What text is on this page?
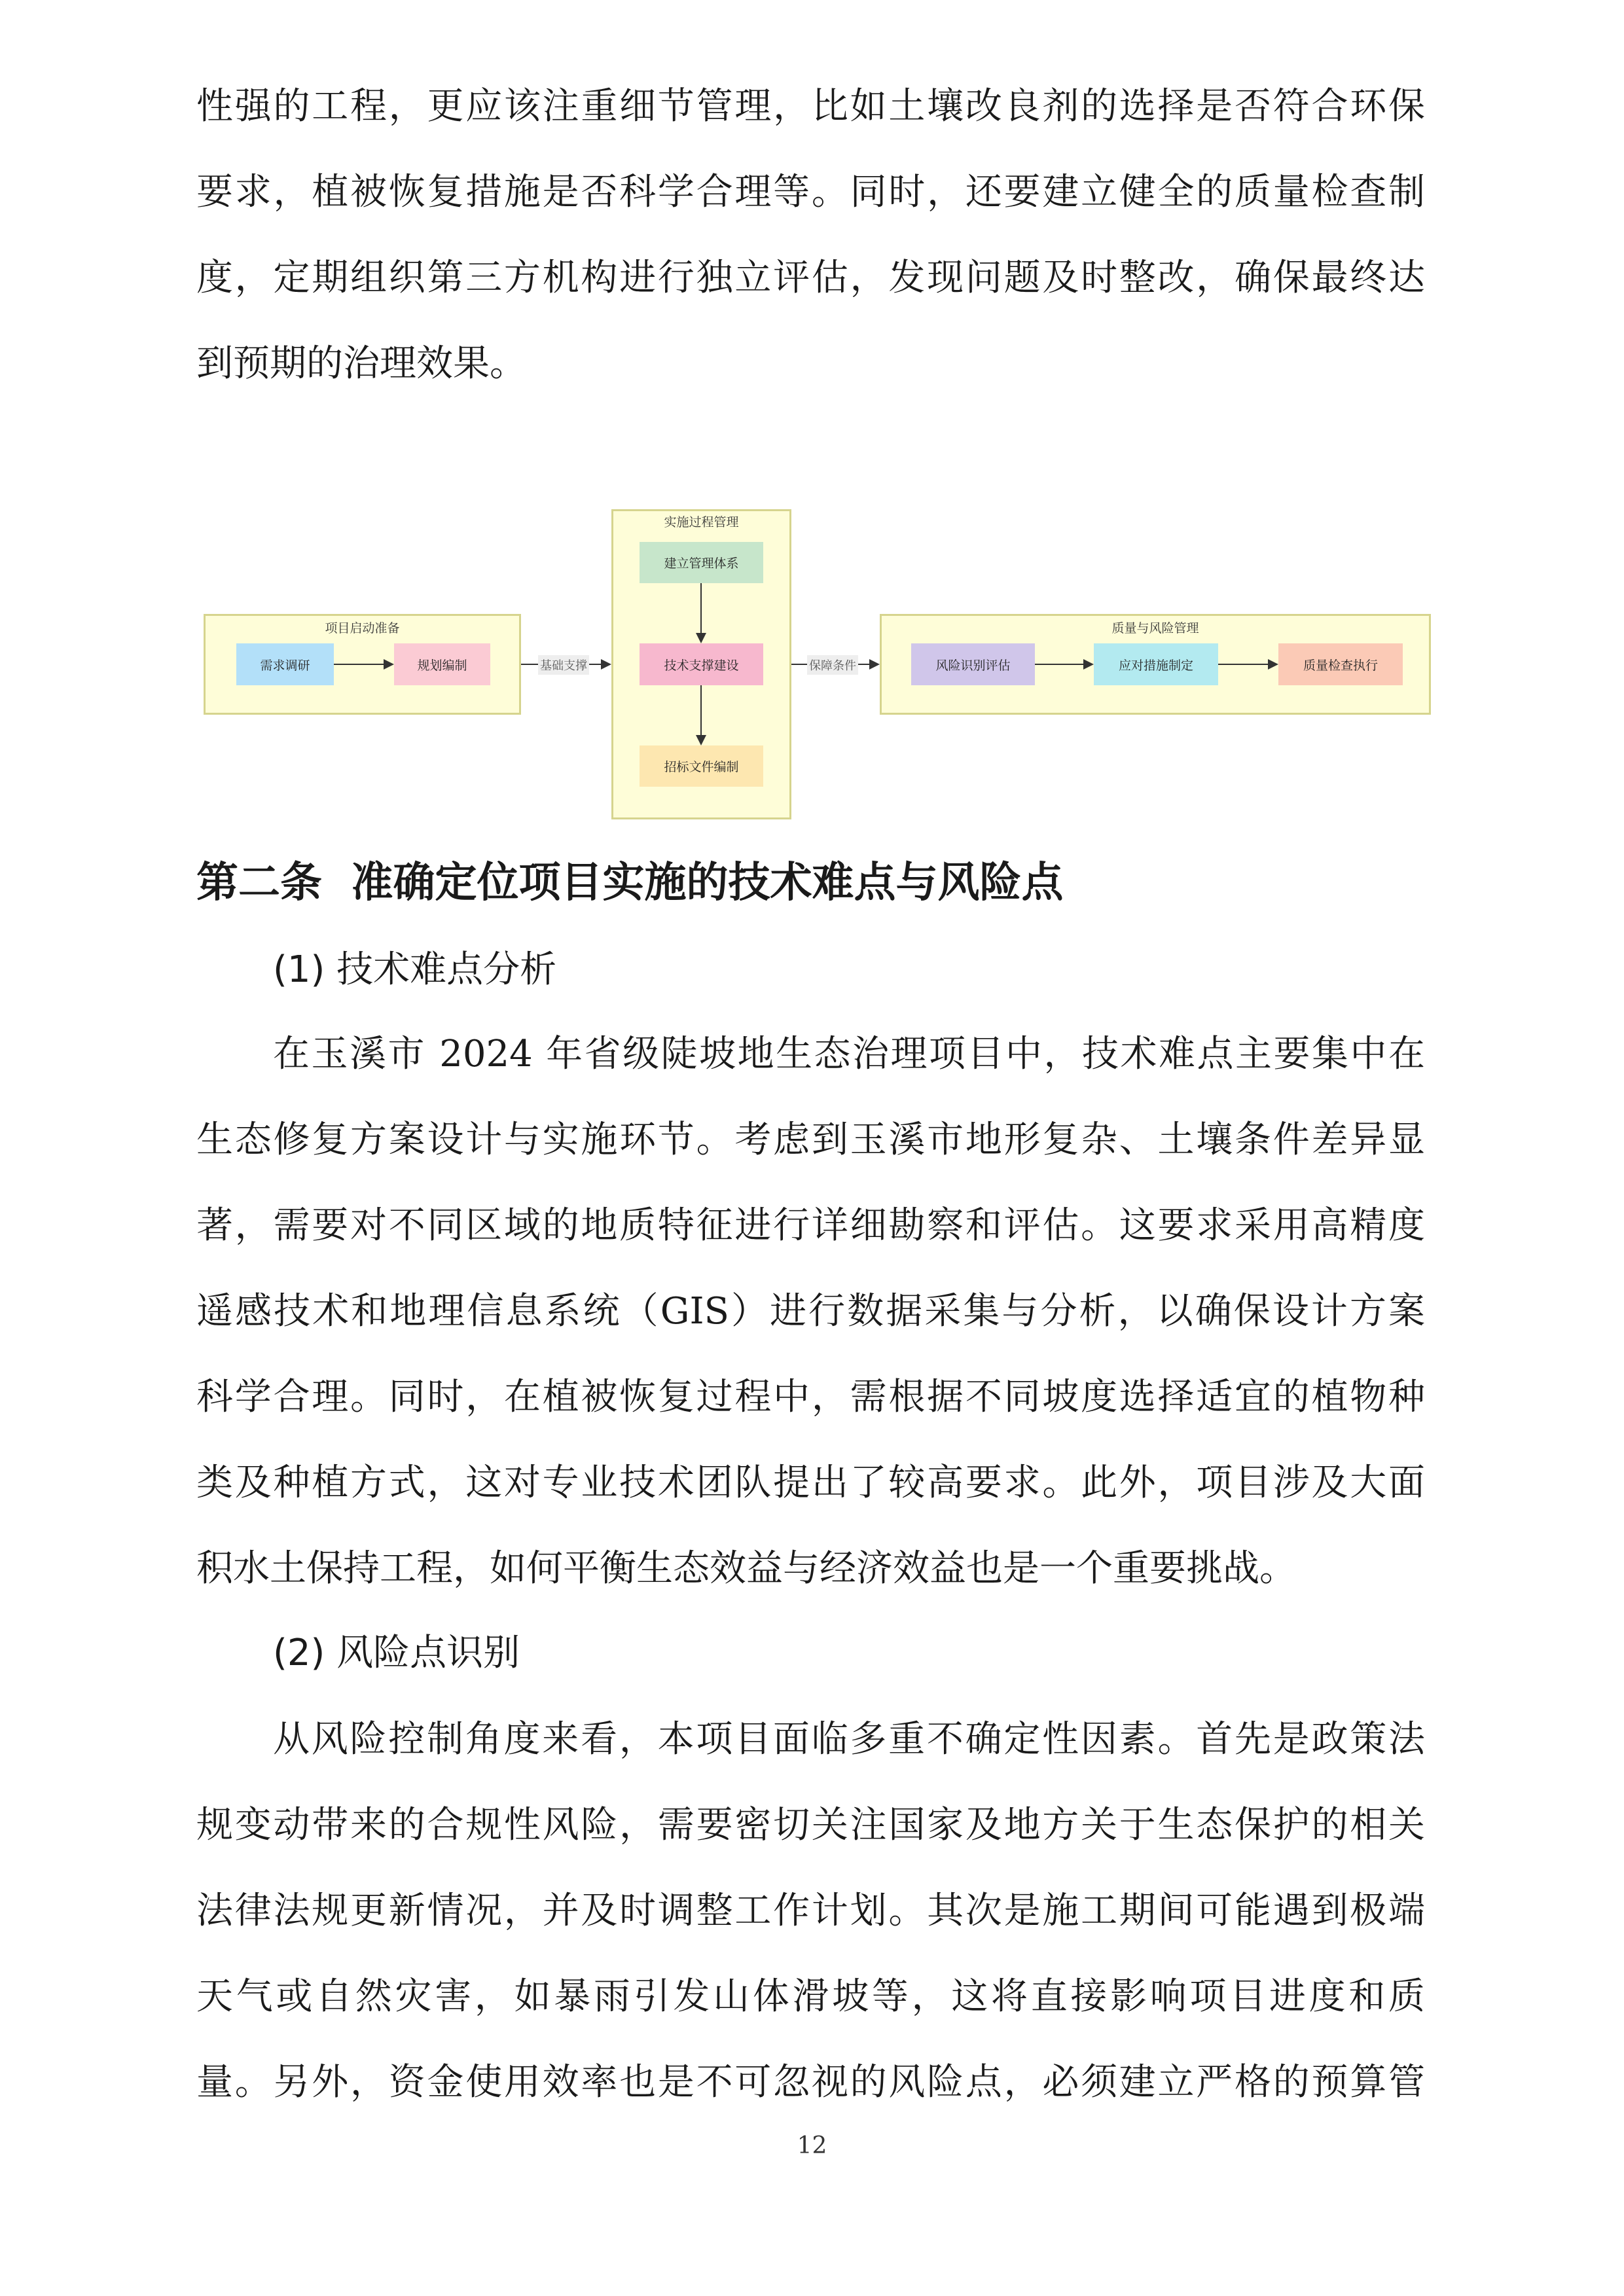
性强的工程，更应该注重细节管理，比如土壤改良剂的选择是否符合环保
要求，植被恢复措施是否科学合理等。同时，还要建立健全的质量检查制
度，定期组织第三方机构进行独立评估，发现问题及时整改，确保最终达
到预期的治理效果。
项目启动准备
实施过程管理
质量与风险管理
需求调研	规划编制
建立管理体系
技术支撑建设
招标文件编制
风险识别评估	应对措施制定	质量检查执行
基础支撑	保障条件
第二条  准确定位项目实施的技术难点与风险点
(1) 技术难点分析
在玉溪市 2024 年省级陡坡地生态治理项目中，技术难点主要集中在
生态修复方案设计与实施环节。考虑到玉溪市地形复杂、土壤条件差异显
著，需要对不同区域的地质特征进行详细勘察和评估。这要求采用高精度
遥感技术和地理信息系统（GIS）进行数据采集与分析，以确保设计方案
科学合理。同时，在植被恢复过程中，需根据不同坡度选择适宜的植物种
类及种植方式，这对专业技术团队提出了较高要求。此外，项目涉及大面
积水土保持工程，如何平衡生态效益与经济效益也是一个重要挑战。
(2) 风险点识别
从风险控制角度来看，本项目面临多重不确定性因素。首先是政策法
规变动带来的合规性风险，需要密切关注国家及地方关于生态保护的相关
法律法规更新情况，并及时调整工作计划。其次是施工期间可能遇到极端
天气或自然灾害，如暴雨引发山体滑坡等，这将直接影响项目进度和质
量。另外，资金使用效率也是不可忽视的风险点，必须建立严格的预算管
12
